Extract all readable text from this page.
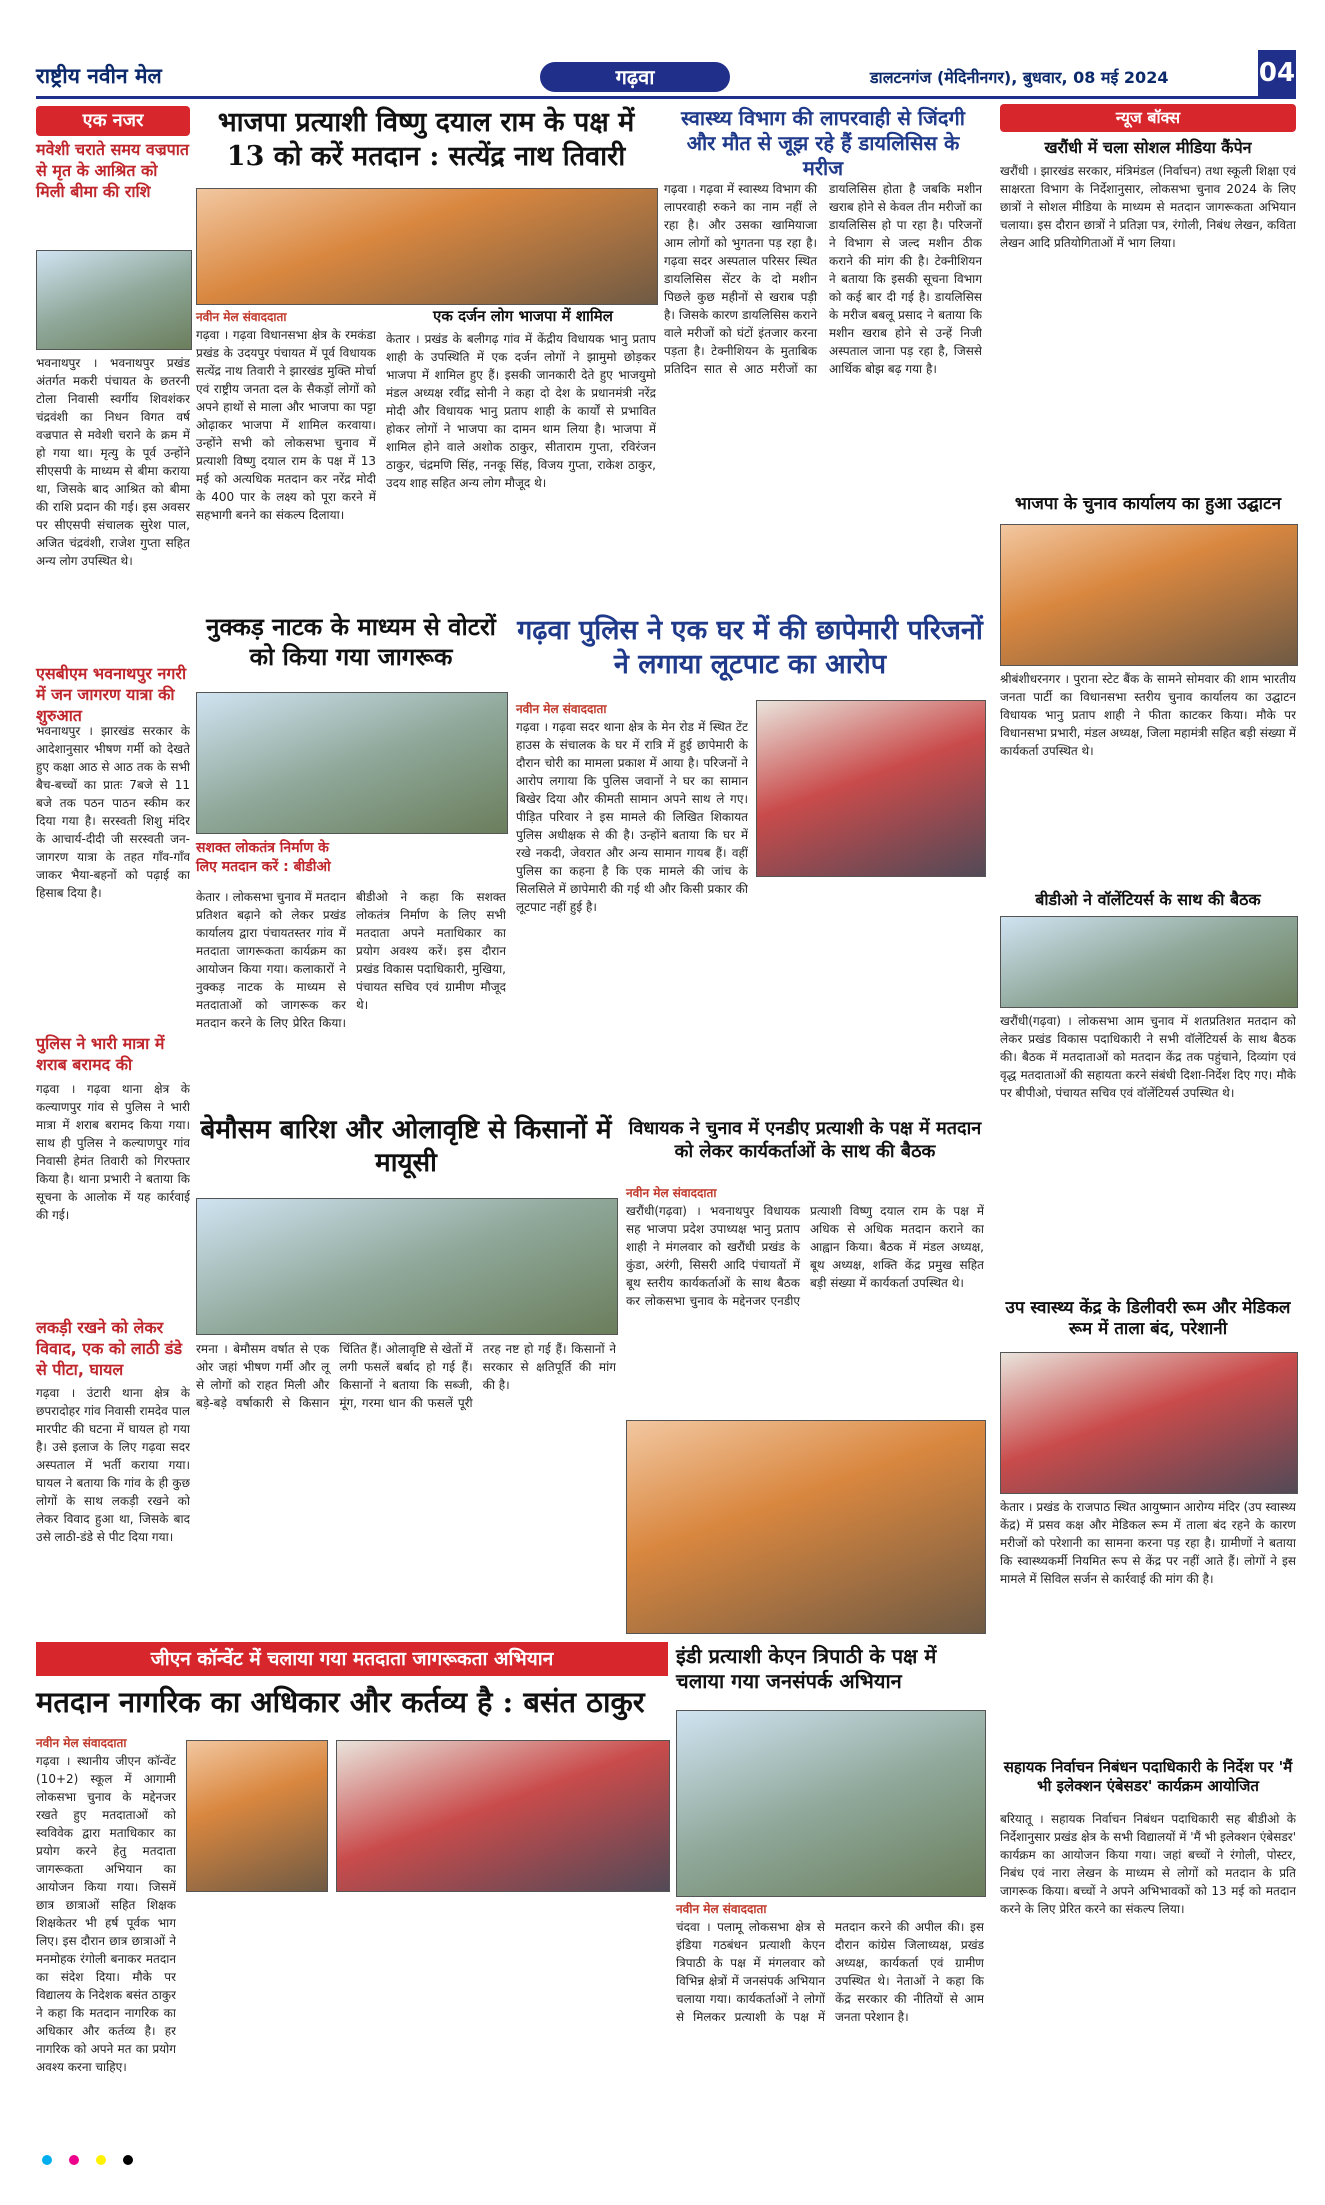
राष्ट्रीय नवीन मेल	गढ़वा	डालटनगंज (मेदिनीनगर), बुधवार, 08 मई 2024	04
एक नजर
मवेशी चराते समय वज्रपात से मृत के आश्रित को मिली बीमा की राशि
भवनाथपुर । भवनाथपुर प्रखंड अंतर्गत मकरी पंचायत के छतरनी टोला निवासी स्वर्गीय शिवशंकर चंद्रवंशी का निधन विगत वर्ष वज्रपात से मवेशी चराने के क्रम में हो गया था। मृत्यु के पूर्व उन्होंने सीएसपी के माध्यम से बीमा कराया था, जिसके बाद आश्रित को बीमा की राशि प्रदान की गई। इस अवसर पर सीएसपी संचालक सुरेश पाल, अजित चंद्रवंशी, राजेश गुप्ता सहित अन्य लोग उपस्थित थे।
एसबीएम भवनाथपुर नगरी में जन जागरण यात्रा की शुरुआत
भवनाथपुर । झारखंड सरकार के आदेशानुसार भीषण गर्मी को देखते हुए कक्षा आठ से आठ तक के सभी बैच-बच्चों का प्रातः 7बजे से 11 बजे तक पठन पाठन स्कीम कर दिया गया है। सरस्वती शिशु मंदिर के आचार्य-दीदी जी सरस्वती जन-जागरण यात्रा के तहत गाँव-गाँव जाकर भैया-बहनों को पढ़ाई का हिसाब दिया है।
पुलिस ने भारी मात्रा में शराब बरामद की
गढ़वा । गढ़वा थाना क्षेत्र के कल्याणपुर गांव से पुलिस ने भारी मात्रा में शराब बरामद किया गया। साथ ही पुलिस ने कल्याणपुर गांव निवासी हेमंत तिवारी को गिरफ्तार किया है। थाना प्रभारी ने बताया कि सूचना के आलोक में यह कार्रवाई की गई।
लकड़ी रखने को लेकर विवाद, एक को लाठी डंडे से पीटा, घायल
गढ़वा । उंटारी थाना क्षेत्र के छपरादोहर गांव निवासी रामदेव पाल मारपीट की घटना में घायल हो गया है। उसे इलाज के लिए गढ़वा सदर अस्पताल में भर्ती कराया गया। घायल ने बताया कि गांव के ही कुछ लोगों के साथ लकड़ी रखने को लेकर विवाद हुआ था, जिसके बाद उसे लाठी-डंडे से पीट दिया गया।
भाजपा प्रत्याशी विष्णु दयाल राम के पक्ष में 13 को करें मतदान : सत्येंद्र नाथ तिवारी
नवीन मेल संवाददाता	एक दर्जन लोग भाजपा में शामिल
गढ़वा । गढ़वा विधानसभा क्षेत्र के रमकंडा प्रखंड के उदयपुर पंचायत में पूर्व विधायक सत्येंद्र नाथ तिवारी ने झारखंड मुक्ति मोर्चा एवं राष्ट्रीय जनता दल के सैकड़ों लोगों को अपने हाथों से माला और भाजपा का पट्टा ओढ़ाकर भाजपा में शामिल करवाया। उन्होंने सभी को लोकसभा चुनाव में प्रत्याशी विष्णु दयाल राम के पक्ष में 13 मई को अत्यधिक मतदान कर नरेंद्र मोदी के 400 पार के लक्ष्य को पूरा करने में सहभागी बनने का संकल्प दिलाया।
केतार । प्रखंड के बलीगढ़ गांव में केंद्रीय विधायक भानु प्रताप शाही के उपस्थिति में एक दर्जन लोगों ने झामुमो छोड़कर भाजपा में शामिल हुए हैं। इसकी जानकारी देते हुए भाजयुमो मंडल अध्यक्ष रवींद्र सोनी ने कहा दो देश के प्रधानमंत्री नरेंद्र मोदी और विधायक भानु प्रताप शाही के कार्यों से प्रभावित होकर लोगों ने भाजपा का दामन थाम लिया है। भाजपा में शामिल होने वाले अशोक ठाकुर, सीताराम गुप्ता, रविरंजन ठाकुर, चंद्रमणि सिंह, ननकू सिंह, विजय गुप्ता, राकेश ठाकुर, उदय शाह सहित अन्य लोग मौजूद थे।
स्वास्थ्य विभाग की लापरवाही से जिंदगी और मौत से जूझ रहे हैं डायलिसिस के मरीज
गढ़वा । गढ़वा में स्वास्थ्य विभाग की लापरवाही रुकने का नाम नहीं ले रहा है। और उसका खामियाजा आम लोगों को भुगतना पड़ रहा है। गढ़वा सदर अस्पताल परिसर स्थित डायलिसिस सेंटर के दो मशीन पिछले कुछ महीनों से खराब पड़ी है। जिसके कारण डायलिसिस कराने वाले मरीजों को घंटों इंतजार करना पड़ता है। टेक्नीशियन के मुताबिक प्रतिदिन सात से आठ मरीजों का डायलिसिस होता है जबकि मशीन खराब होने से केवल तीन मरीजों का डायलिसिस हो पा रहा है। परिजनों ने विभाग से जल्द मशीन ठीक कराने की मांग की है। टेक्नीशियन ने बताया कि इसकी सूचना विभाग को कई बार दी गई है। डायलिसिस के मरीज बबलू प्रसाद ने बताया कि मशीन खराब होने से उन्हें निजी अस्पताल जाना पड़ रहा है, जिससे आर्थिक बोझ बढ़ गया है।
नुक्कड़ नाटक के माध्यम से वोटरों को किया गया जागरूक
सशक्त लोकतंत्र निर्माण के लिए मतदान करें : बीडीओ
केतार । लोकसभा चुनाव में मतदान प्रतिशत बढ़ाने को लेकर प्रखंड कार्यालय द्वारा पंचायतस्तर गांव में मतदाता जागरूकता कार्यक्रम का आयोजन किया गया। कलाकारों ने नुक्कड़ नाटक के माध्यम से मतदाताओं को जागरूक कर मतदान करने के लिए प्रेरित किया। बीडीओ ने कहा कि सशक्त लोकतंत्र निर्माण के लिए सभी मतदाता अपने मताधिकार का प्रयोग अवश्य करें। इस दौरान प्रखंड विकास पदाधिकारी, मुखिया, पंचायत सचिव एवं ग्रामीण मौजूद थे।
गढ़वा पुलिस ने एक घर में की छापेमारी परिजनों ने लगाया लूटपाट का आरोप
नवीन मेल संवाददाता
गढ़वा । गढ़वा सदर थाना क्षेत्र के मेन रोड में स्थित टेंट हाउस के संचालक के घर में रात्रि में हुई छापेमारी के दौरान चोरी का मामला प्रकाश में आया है। परिजनों ने आरोप लगाया कि पुलिस जवानों ने घर का सामान बिखेर दिया और कीमती सामान अपने साथ ले गए। पीड़ित परिवार ने इस मामले की लिखित शिकायत पुलिस अधीक्षक से की है। उन्होंने बताया कि घर में रखे नकदी, जेवरात और अन्य सामान गायब हैं। वहीं पुलिस का कहना है कि एक मामले की जांच के सिलसिले में छापेमारी की गई थी और किसी प्रकार की लूटपाट नहीं हुई है।
बेमौसम बारिश और ओलावृष्टि से किसानों में मायूसी
रमना । बेमौसम वर्षात से एक ओर जहां भीषण गर्मी और लू से लोगों को राहत मिली और बड़े-बड़े वर्षाकारी से किसान चिंतित हैं। ओलावृष्टि से खेतों में लगी फसलें बर्बाद हो गई हैं। किसानों ने बताया कि सब्जी, मूंग, गरमा धान की फसलें पूरी तरह नष्ट हो गई हैं। किसानों ने सरकार से क्षतिपूर्ति की मांग की है।
विधायक ने चुनाव में एनडीए प्रत्याशी के पक्ष में मतदान को लेकर कार्यकर्ताओं के साथ की बैठक
नवीन मेल संवाददाता
खरौंधी(गढ़वा) । भवनाथपुर विधायक सह भाजपा प्रदेश उपाध्यक्ष भानु प्रताप शाही ने मंगलवार को खरौंधी प्रखंड के कुंडा, अरंगी, सिसरी आदि पंचायतों में बूथ स्तरीय कार्यकर्ताओं के साथ बैठक कर लोकसभा चुनाव के मद्देनजर एनडीए प्रत्याशी विष्णु दयाल राम के पक्ष में अधिक से अधिक मतदान कराने का आह्वान किया। बैठक में मंडल अध्यक्ष, बूथ अध्यक्ष, शक्ति केंद्र प्रमुख सहित बड़ी संख्या में कार्यकर्ता उपस्थित थे।
जीएन कॉन्वेंट में चलाया गया मतदाता जागरूकता अभियान
मतदान नागरिक का अधिकार और कर्तव्य है : बसंत ठाकुर
नवीन मेल संवाददाता
गढ़वा । स्थानीय जीएन कॉन्वेंट (10+2) स्कूल में आगामी लोकसभा चुनाव के मद्देनजर रखते हुए मतदाताओं को स्वविवेक द्वारा मताधिकार का प्रयोग करने हेतु मतदाता जागरूकता अभियान का आयोजन किया गया। जिसमें छात्र छात्राओं सहित शिक्षक शिक्षकेतर भी हर्ष पूर्वक भाग लिए। इस दौरान छात्र छात्राओं ने मनमोहक रंगोली बनाकर मतदान का संदेश दिया। मौके पर विद्यालय के निदेशक बसंत ठाकुर ने कहा कि मतदान नागरिक का अधिकार और कर्तव्य है। हर नागरिक को अपने मत का प्रयोग अवश्य करना चाहिए।
इंडी प्रत्याशी केएन त्रिपाठी के पक्ष में चलाया गया जनसंपर्क अभियान
नवीन मेल संवाददाता
चंदवा । पलामू लोकसभा क्षेत्र से इंडिया गठबंधन प्रत्याशी केएन त्रिपाठी के पक्ष में मंगलवार को विभिन्न क्षेत्रों में जनसंपर्क अभियान चलाया गया। कार्यकर्ताओं ने लोगों से मिलकर प्रत्याशी के पक्ष में मतदान करने की अपील की। इस दौरान कांग्रेस जिलाध्यक्ष, प्रखंड अध्यक्ष, कार्यकर्ता एवं ग्रामीण उपस्थित थे। नेताओं ने कहा कि केंद्र सरकार की नीतियों से आम जनता परेशान है।
न्यूज बॉक्स
खरौंधी में चला सोशल मीडिया कैंपेन
खरौंधी । झारखंड सरकार, मंत्रिमंडल (निर्वाचन) तथा स्कूली शिक्षा एवं साक्षरता विभाग के निर्देशानुसार, लोकसभा चुनाव 2024 के लिए छात्रों ने सोशल मीडिया के माध्यम से मतदान जागरूकता अभियान चलाया। इस दौरान छात्रों ने प्रतिज्ञा पत्र, रंगोली, निबंध लेखन, कविता लेखन आदि प्रतियोगिताओं में भाग लिया।
भाजपा के चुनाव कार्यालय का हुआ उद्घाटन
श्रीबंशीधरनगर । पुराना स्टेट बैंक के सामने सोमवार की शाम भारतीय जनता पार्टी का विधानसभा स्तरीय चुनाव कार्यालय का उद्घाटन विधायक भानु प्रताप शाही ने फीता काटकर किया। मौके पर विधानसभा प्रभारी, मंडल अध्यक्ष, जिला महामंत्री सहित बड़ी संख्या में कार्यकर्ता उपस्थित थे।
बीडीओ ने वॉलेंटियर्स के साथ की बैठक
खरौंधी(गढ़वा) । लोकसभा आम चुनाव में शतप्रतिशत मतदान को लेकर प्रखंड विकास पदाधिकारी ने सभी वॉलेंटियर्स के साथ बैठक की। बैठक में मतदाताओं को मतदान केंद्र तक पहुंचाने, दिव्यांग एवं वृद्ध मतदाताओं की सहायता करने संबंधी दिशा-निर्देश दिए गए। मौके पर बीपीओ, पंचायत सचिव एवं वॉलेंटियर्स उपस्थित थे।
उप स्वास्थ्य केंद्र के डिलीवरी रूम और मेडिकल रूम में ताला बंद, परेशानी
केतार । प्रखंड के राजपाठ स्थित आयुष्मान आरोग्य मंदिर (उप स्वास्थ्य केंद्र) में प्रसव कक्ष और मेडिकल रूम में ताला बंद रहने के कारण मरीजों को परेशानी का सामना करना पड़ रहा है। ग्रामीणों ने बताया कि स्वास्थ्यकर्मी नियमित रूप से केंद्र पर नहीं आते हैं। लोगों ने इस मामले में सिविल सर्जन से कार्रवाई की मांग की है।
सहायक निर्वाचन निबंधन पदाधिकारी के निर्देश पर 'मैं भी इलेक्शन एंबेसडर' कार्यक्रम आयोजित
बरियातू । सहायक निर्वाचन निबंधन पदाधिकारी सह बीडीओ के निर्देशानुसार प्रखंड क्षेत्र के सभी विद्यालयों में 'मैं भी इलेक्शन एंबेसडर' कार्यक्रम का आयोजन किया गया। जहां बच्चों ने रंगोली, पोस्टर, निबंध एवं नारा लेखन के माध्यम से लोगों को मतदान के प्रति जागरूक किया। बच्चों ने अपने अभिभावकों को 13 मई को मतदान करने के लिए प्रेरित करने का संकल्प लिया।
